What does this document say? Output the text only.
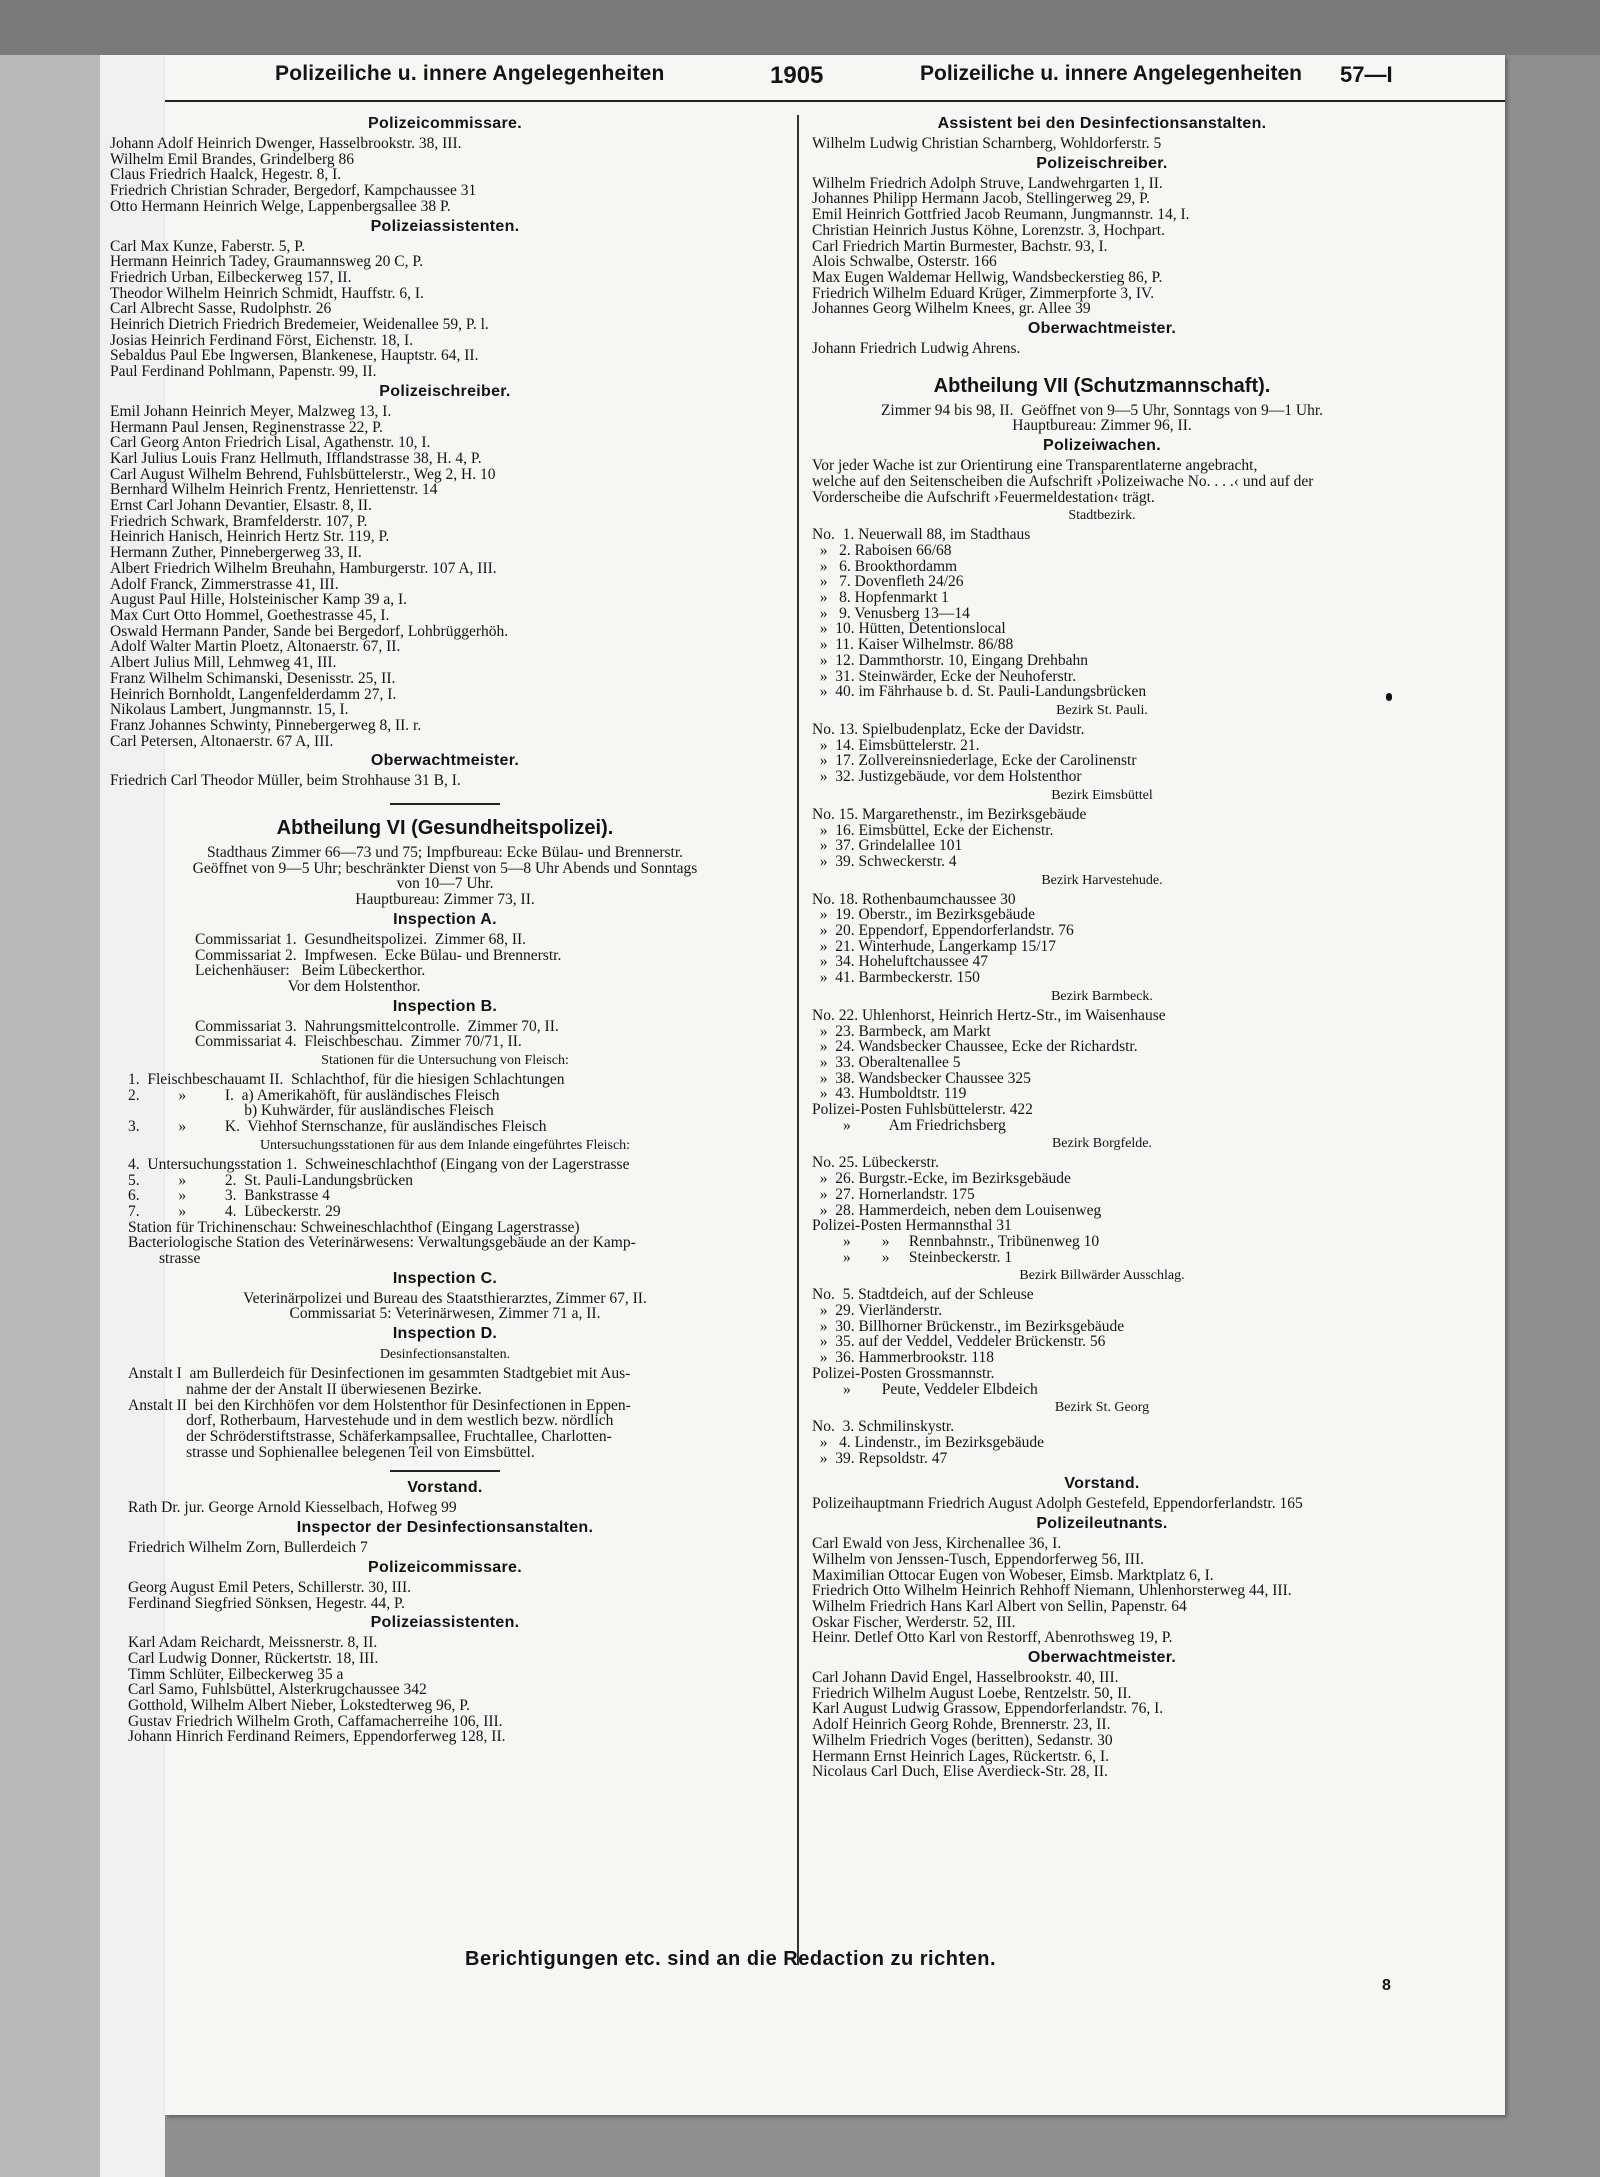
Polizeiliche u. innere Angelegenheiten	1905	Polizeiliche u. innere Angelegenheiten 57—I
Polizeicommissare.
Johann Adolf Heinrich Dwenger, Hasselbrookstr. 38, III.
Wilhelm Emil Brandes, Grindelberg 86
Claus Friedrich Haalck, Hegestr. 8, I.
Friedrich Christian Schrader, Bergedorf, Kampchaussee 31
Otto Hermann Heinrich Welge, Lappenbergsallee 38 P.
Polizeiassistenten.
Carl Max Kunze, Faberstr. 5, P.
Hermann Heinrich Tadey, Graumannsweg 20 C, P.
Friedrich Urban, Eilbeckerweg 157, II.
Theodor Wilhelm Heinrich Schmidt, Hauffstr. 6, I.
Carl Albrecht Sasse, Rudolphstr. 26
Heinrich Dietrich Friedrich Bredemeier, Weidenallee 59, P. l.
Josias Heinrich Ferdinand Först, Eichenstr. 18, I.
Sebaldus Paul Ebe Ingwersen, Blankenese, Hauptstr. 64, II.
Paul Ferdinand Pohlmann, Papenstr. 99, II.
Polizeischreiber.
Emil Johann Heinrich Meyer, Malzweg 13, I.
Hermann Paul Jensen, Reginenstrasse 22, P.
Carl Georg Anton Friedrich Lisal, Agathenstr. 10, I.
Karl Julius Louis Franz Hellmuth, Ifflandstrasse 38, H. 4, P.
Carl August Wilhelm Behrend, Fuhlsbüttelerstr., Weg 2, H. 10
Bernhard Wilhelm Heinrich Frentz, Henriettenstr. 14
Ernst Carl Johann Devantier, Elsastr. 8, II.
Friedrich Schwark, Bramfelderstr. 107, P.
Heinrich Hanisch, Heinrich Hertz Str. 119, P.
Hermann Zuther, Pinnebergerweg 33, II.
Albert Friedrich Wilhelm Breuhahn, Hamburgerstr. 107 A, III.
Adolf Franck, Zimmerstrasse 41, III.
August Paul Hille, Holsteinischer Kamp 39 a, I.
Max Curt Otto Hommel, Goethestrasse 45, I.
Oswald Hermann Pander, Sande bei Bergedorf, Lohbrüggerhöh.
Adolf Walter Martin Ploetz, Altonaerstr. 67, II.
Albert Julius Mill, Lehmweg 41, III.
Franz Wilhelm Schimanski, Desenisstr. 25, II.
Heinrich Bornholdt, Langenfelderdamm 27, I.
Nikolaus Lambert, Jungmannstr. 15, I.
Franz Johannes Schwinty, Pinnebergerweg 8, II. r.
Carl Petersen, Altonaerstr. 67 A, III.
Oberwachtmeister.
Friedrich Carl Theodor Müller, beim Strohhause 31 B, I.
Abtheilung VI (Gesundheitspolizei).
Stadthaus Zimmer 66—73 und 75; Impfbureau: Ecke Bülau- und Brennerstr.
Geöffnet von 9—5 Uhr; beschränkter Dienst von 5—8 Uhr Abends und Sonntags
von 10—7 Uhr.
Hauptbureau: Zimmer 73, II.
Inspection A.
Commissariat 1.  Gesundheitspolizei.  Zimmer 68, II.
Commissariat 2.  Impfwesen.  Ecke Bülau- und Brennerstr.
Leichenhäuser:   Beim Lübeckerthor.
Vor dem Holstenthor.
Inspection B.
Commissariat 3.  Nahrungsmittelcontrolle.  Zimmer 70, II.
Commissariat 4.  Fleischbeschau.  Zimmer 70/71, II.
Stationen für die Untersuchung von Fleisch:
1.  Fleischbeschauamt II.  Schlachthof, für die hiesigen Schlachtungen
2.          »          I.  a) Amerikahöft, für ausländisches Fleisch
b) Kuhwärder, für ausländisches Fleisch
3.          »          K.  Viehhof Sternschanze, für ausländisches Fleisch
Untersuchungsstationen für aus dem Inlande eingeführtes Fleisch:
4.  Untersuchungsstation 1.  Schweineschlachthof (Eingang von der Lagerstrasse
5.          »          2.  St. Pauli-Landungsbrücken
6.          »          3.  Bankstrasse 4
7.          »          4.  Lübeckerstr. 29
Station für Trichinenschau: Schweineschlachthof (Eingang Lagerstrasse)
Bacteriologische Station des Veterinärwesens: Verwaltungsgebäude an der Kamp-
strasse
Inspection C.
Veterinärpolizei und Bureau des Staatsthierarztes, Zimmer 67, II.
Commissariat 5: Veterinärwesen, Zimmer 71 a, II.
Inspection D.
Desinfectionsanstalten.
Anstalt I  am Bullerdeich für Desinfectionen im gesammten Stadtgebiet mit Aus-
nahme der der Anstalt II überwiesenen Bezirke.
Anstalt II  bei den Kirchhöfen vor dem Holstenthor für Desinfectionen in Eppen-
dorf, Rotherbaum, Harvestehude und in dem westlich bezw. nördlich
der Schröderstiftstrasse, Schäferkampsallee, Fruchtallee, Charlotten-
strasse und Sophienallee belegenen Teil von Eimsbüttel.
Vorstand.
Rath Dr. jur. George Arnold Kiesselbach, Hofweg 99
Inspector der Desinfectionsanstalten.
Friedrich Wilhelm Zorn, Bullerdeich 7
Polizeicommissare.
Georg August Emil Peters, Schillerstr. 30, III.
Ferdinand Siegfried Sönksen, Hegestr. 44, P.
Polizeiassistenten.
Karl Adam Reichardt, Meissnerstr. 8, II.
Carl Ludwig Donner, Rückertstr. 18, III.
Timm Schlüter, Eilbeckerweg 35 a
Carl Samo, Fuhlsbüttel, Alsterkrugchaussee 342
Gotthold, Wilhelm Albert Nieber, Lokstedterweg 96, P.
Gustav Friedrich Wilhelm Groth, Caffamacherreihe 106, III.
Johann Hinrich Ferdinand Reimers, Eppendorferweg 128, II.
Assistent bei den Desinfectionsanstalten.
Wilhelm Ludwig Christian Scharnberg, Wohldorferstr. 5
Polizeischreiber.
Wilhelm Friedrich Adolph Struve, Landwehrgarten 1, II.
Johannes Philipp Hermann Jacob, Stellingerweg 29, P.
Emil Heinrich Gottfried Jacob Reumann, Jungmannstr. 14, I.
Christian Heinrich Justus Köhne, Lorenzstr. 3, Hochpart.
Carl Friedrich Martin Burmester, Bachstr. 93, I.
Alois Schwalbe, Osterstr. 166
Max Eugen Waldemar Hellwig, Wandsbeckerstieg 86, P.
Friedrich Wilhelm Eduard Krüger, Zimmerpforte 3, IV.
Johannes Georg Wilhelm Knees, gr. Allee 39
Oberwachtmeister.
Johann Friedrich Ludwig Ahrens.
Abtheilung VII (Schutzmannschaft).
Zimmer 94 bis 98, II.  Geöffnet von 9—5 Uhr, Sonntags von 9—1 Uhr.
Hauptbureau: Zimmer 96, II.
Polizeiwachen.
Vor jeder Wache ist zur Orientirung eine Transparentlaterne angebracht,
welche auf den Seitenscheiben die Aufschrift ›Polizeiwache No. . . .‹ und auf der
Vorderscheibe die Aufschrift ›Feuermeldestation‹ trägt.
Stadtbezirk.
No.  1. Neuerwall 88, im Stadthaus
»   2. Raboisen 66/68
»   6. Brookthordamm
»   7. Dovenfleth 24/26
»   8. Hopfenmarkt 1
»   9. Venusberg 13—14
»  10. Hütten, Detentionslocal
»  11. Kaiser Wilhelmstr. 86/88
»  12. Dammthorstr. 10, Eingang Drehbahn
»  31. Steinwärder, Ecke der Neuhoferstr.
»  40. im Fährhause b. d. St. Pauli-Landungsbrücken
Bezirk St. Pauli.
No. 13. Spielbudenplatz, Ecke der Davidstr.
»  14. Eimsbüttelerstr. 21.
»  17. Zollvereinsniederlage, Ecke der Carolinenstr
»  32. Justizgebäude, vor dem Holstenthor
Bezirk Eimsbüttel
No. 15. Margarethenstr., im Bezirksgebäude
»  16. Eimsbüttel, Ecke der Eichenstr.
»  37. Grindelallee 101
»  39. Schweckerstr. 4
Bezirk Harvestehude.
No. 18. Rothenbaumchaussee 30
»  19. Oberstr., im Bezirksgebäude
»  20. Eppendorf, Eppendorferlandstr. 76
»  21. Winterhude, Langerkamp 15/17
»  34. Hoheluftchaussee 47
»  41. Barmbeckerstr. 150
Bezirk Barmbeck.
No. 22. Uhlenhorst, Heinrich Hertz-Str., im Waisenhause
»  23. Barmbeck, am Markt
»  24. Wandsbecker Chaussee, Ecke der Richardstr.
»  33. Oberaltenallee 5
»  38. Wandsbecker Chaussee 325
»  43. Humboldtstr. 119
Polizei-Posten Fuhlsbüttelerstr. 422
»          Am Friedrichsberg
Bezirk Borgfelde.
No. 25. Lübeckerstr.
»  26. Burgstr.-Ecke, im Bezirksgebäude
»  27. Hornerlandstr. 175
»  28. Hammerdeich, neben dem Louisenweg
Polizei-Posten Hermannsthal 31
»        »     Rennbahnstr., Tribünenweg 10
»        »     Steinbeckerstr. 1
Bezirk Billwärder Ausschlag.
No.  5. Stadtdeich, auf der Schleuse
»  29. Vierländerstr.
»  30. Billhorner Brückenstr., im Bezirksgebäude
»  35. auf der Veddel, Veddeler Brückenstr. 56
»  36. Hammerbrookstr. 118
Polizei-Posten Grossmannstr.
»        Peute, Veddeler Elbdeich
Bezirk St. Georg
No.  3. Schmilinskystr.
»   4. Lindenstr., im Bezirksgebäude
»  39. Repsoldstr. 47
Vorstand.
Polizeihauptmann Friedrich August Adolph Gestefeld, Eppendorferlandstr. 165
Polizeileutnants.
Carl Ewald von Jess, Kirchenallee 36, I.
Wilhelm von Jenssen-Tusch, Eppendorferweg 56, III.
Maximilian Ottocar Eugen von Wobeser, Eimsb. Marktplatz 6, I.
Friedrich Otto Wilhelm Heinrich Rehhoff Niemann, Uhlenhorsterweg 44, III.
Wilhelm Friedrich Hans Karl Albert von Sellin, Papenstr. 64
Oskar Fischer, Werderstr. 52, III.
Heinr. Detlef Otto Karl von Restorff, Abenrothsweg 19, P.
Oberwachtmeister.
Carl Johann David Engel, Hasselbrookstr. 40, III.
Friedrich Wilhelm August Loebe, Rentzelstr. 50, II.
Karl August Ludwig Grassow, Eppendorferlandstr. 76, I.
Adolf Heinrich Georg Rohde, Brennerstr. 23, II.
Wilhelm Friedrich Voges (beritten), Sedanstr. 30
Hermann Ernst Heinrich Lages, Rückertstr. 6, I.
Nicolaus Carl Duch, Elise Averdieck-Str. 28, II.
Berichtigungen etc. sind an die Redaction zu richten.
8
